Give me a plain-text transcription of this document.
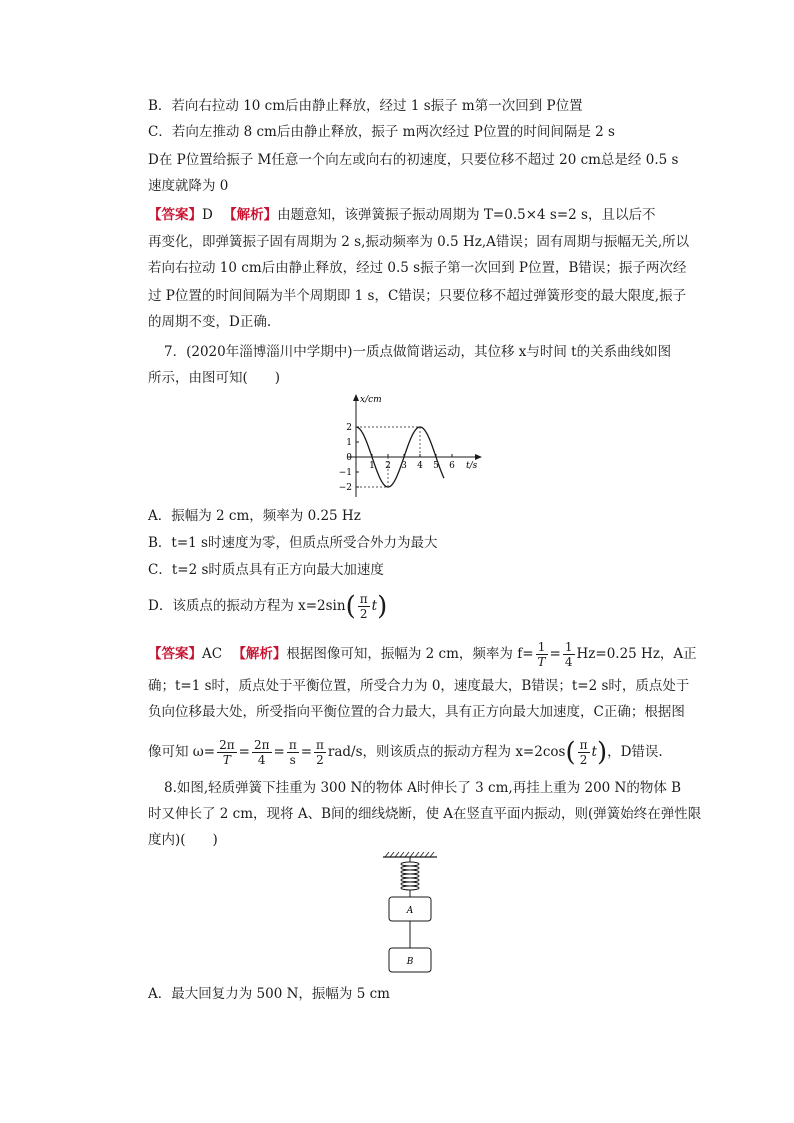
B．若向右拉动 10 cm后由静止释放，经过 1 s振子 m第一次回到 P位置
C．若向左推动 8 cm后由静止释放，振子 m两次经过 P位置的时间间隔是 2 s
D在 P位置给振子 M任意一个向左或向右的初速度，只要位移不超过 20 cm总是经 0.5 s
速度就降为 0
【答案】D 【解析】由题意知，该弹簧振子振动周期为 T=0.5×4 s=2 s，且以后不
再变化，即弹簧振子固有周期为 2 s,振动频率为 0.5 Hz,A错误；固有周期与振幅无关,所以
若向右拉动 10 cm后由静止释放，经过 0.5 s振子第一次回到 P位置，B错误；振子两次经
过 P位置的时间间隔为半个周期即 1 s，C错误；只要位移不超过弹簧形变的最大限度,振子
的周期不变，D正确.
7．(2020年淄博淄川中学期中)一质点做简谐运动，其位移 x与时间 t的关系曲线如图
所示，由图可知(　　)
x/cm
t/s
2
1
0
−1
−2
1 2 3 4 5 6
A．振幅为 2 cm，频率为 0.25 Hz
B．t=1 s时速度为零，但质点所受合外力为最大
C．t=2 s时质点具有正方向最大加速度
D．该质点的振动方程为 $x=2\sin( \frac{\pi}{2} t)$
【答案】AC 【解析】根据图像可知，振幅为 2 cm，频率为 $f= \frac{1}{T} = \frac{1}{4} Hz=0.25$ Hz，A正
确；t=1 s时，质点处于平衡位置，所受合力为 0，速度最大，B错误；t=2 s时，质点处于
负向位移最大处，所受指向平衡位置的合力最大，具有正方向最大加速度，C正确；根据图
像可知 $\omega= \frac{2\pi}{T} = \frac{2\pi}{4} = \frac{\pi}{s} = \frac{\pi}{2} rad/s$，则该质点的振动方程为 $x=2\cos( \frac{\pi}{2} t)$，D错误.
8.如图,轻质弹簧下挂重为 300 N的物体 A时伸长了 3 cm,再挂上重为 200 N的物体 B
时又伸长了 2 cm，现将 A、B间的细线烧断，使 A在竖直平面内振动，则(弹簧始终在弹性限
度内)(　　)
A
B
A．最大回复力为 500 N，振幅为 5 cm
